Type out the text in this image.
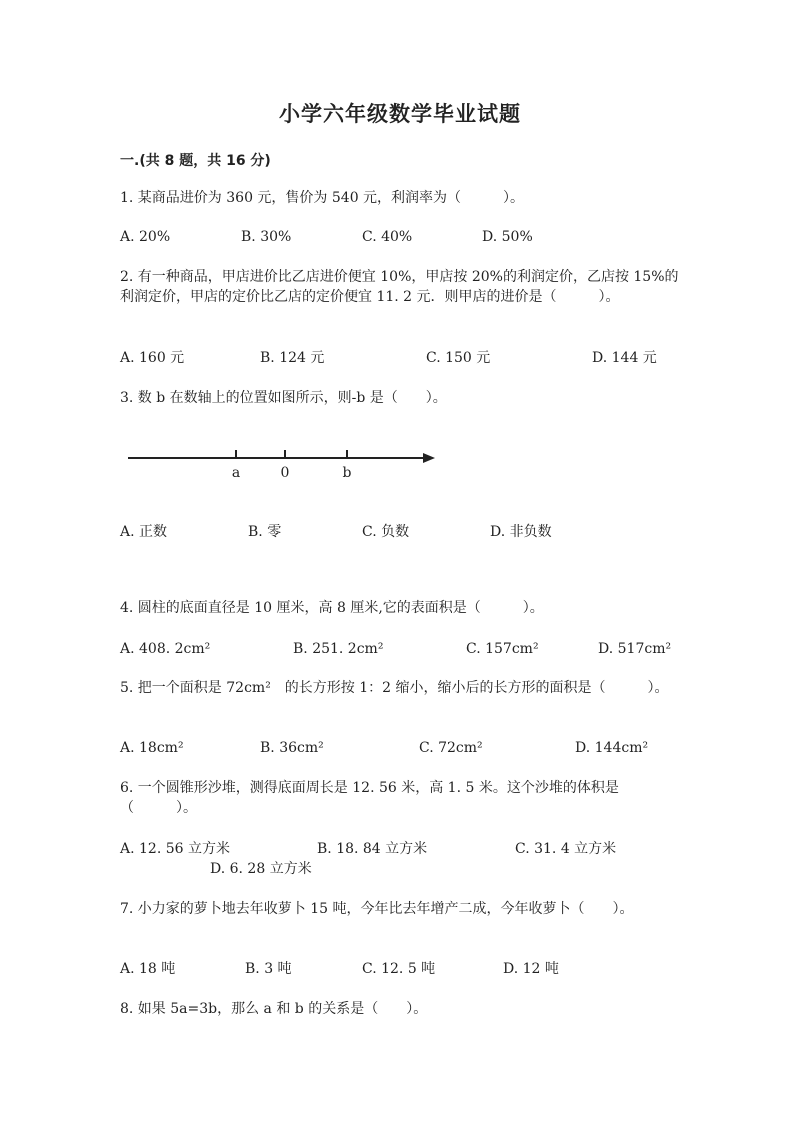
小学六年级数学毕业试题
一.(共 8 题，共 16 分)
1. 某商品进价为 360 元，售价为 540 元，利润率为（　　　）。
A. 20%	B. 30%	C. 40%	D. 50%
2. 有一种商品，甲店进价比乙店进价便宜 10%，甲店按 20%的利润定价，乙店按 15%的利润定价，甲店的定价比乙店的定价便宜 11. 2 元．则甲店的进价是（　　　）。
A. 160 元	B. 124 元	C. 150 元	D. 144 元
3. 数 b 在数轴上的位置如图所示，则-b 是（　　）。
a	0	b
A. 正数	B. 零	C. 负数	D. 非负数
4. 圆柱的底面直径是 10 厘米，高 8 厘米,它的表面积是（　　　）。
A. 408. 2cm²	B. 251. 2cm²	C. 157cm²	D. 517cm²
5. 把一个面积是 72cm²　的长方形按 1：2 缩小，缩小后的长方形的面积是（　　　）。
A. 18cm²	B. 36cm²	C. 72cm²	D. 144cm²
6. 一个圆锥形沙堆，测得底面周长是 12. 56 米，高 1. 5 米。这个沙堆的体积是（　　　）。
A. 12. 56 立方米	B. 18. 84 立方米	C. 31. 4 立方米
D. 6. 28 立方米
7. 小力家的萝卜地去年收萝卜 15 吨，今年比去年增产二成，今年收萝卜（　　）。
A. 18 吨	B. 3 吨	C. 12. 5 吨	D. 12 吨
8. 如果 5a=3b，那么 a 和 b 的关系是（　　）。
